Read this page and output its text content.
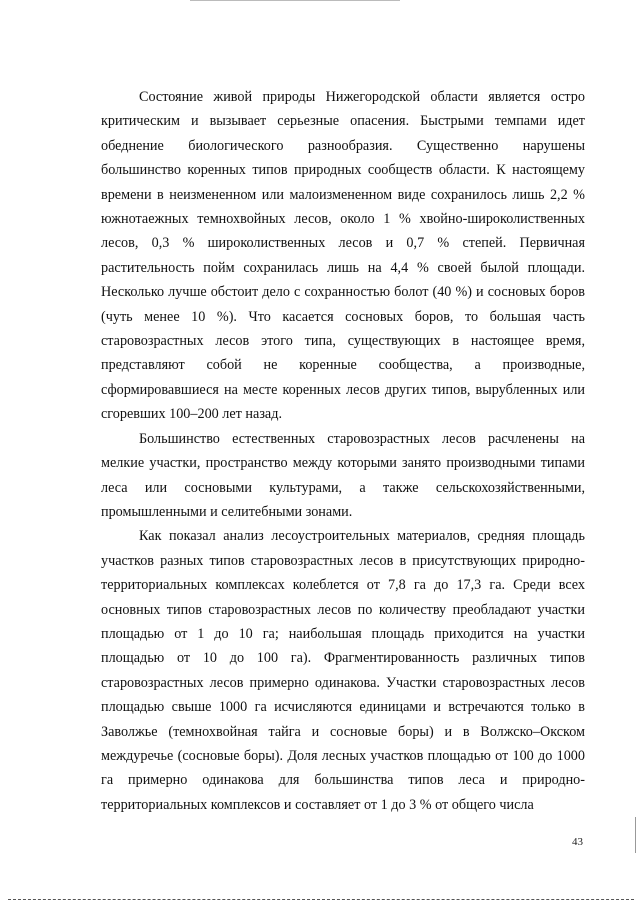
Состояние живой природы Нижегородской области является остро критическим и вызывает серьезные опасения. Быстрыми темпами идет обеднение биологического разнообразия. Существенно нарушены большинство коренных типов природных сообществ области. К настоящему времени в неизмененном или малоизмененном виде сохранилось лишь 2,2 % южнотаежных темнохвойных лесов, около 1 % хвойно-широколиственных лесов, 0,3 % широколиственных лесов и 0,7 % степей. Первичная растительность пойм сохранилась лишь на 4,4 % своей былой площади. Несколько лучше обстоит дело с сохранностью болот (40 %) и сосновых боров (чуть менее 10 %). Что касается сосновых боров, то большая часть старовозрастных лесов этого типа, существующих в настоящее время, представляют собой не коренные сообщества, а производные, сформировавшиеся на месте коренных лесов других типов, вырубленных или сгоревших 100–200 лет назад.

Большинство естественных старовозрастных лесов расчленены на мелкие участки, пространство между которыми занято производными типами леса или сосновыми культурами, а также сельскохозяйственными, промышленными и селитебными зонами.

Как показал анализ лесоустроительных материалов, средняя площадь участков разных типов старовозрастных лесов в присутствующих природно-территориальных комплексах колеблется от 7,8 га до 17,3 га. Среди всех основных типов старовозрастных лесов по количеству преобладают участки площадью от 1 до 10 га; наибольшая площадь приходится на участки площадью от 10 до 100 га). Фрагментированность различных типов старовозрастных лесов примерно одинакова. Участки старовозрастных лесов площадью свыше 1000 га исчисляются единицами и встречаются только в Заволжье (темнохвойная тайга и сосновые боры) и в Волжско–Окском междуречье (сосновые боры). Доля лесных участков площадью от 100 до 1000 га примерно одинакова для большинства типов леса и природно-территориальных комплексов и составляет от 1 до 3 % от общего числа

43
